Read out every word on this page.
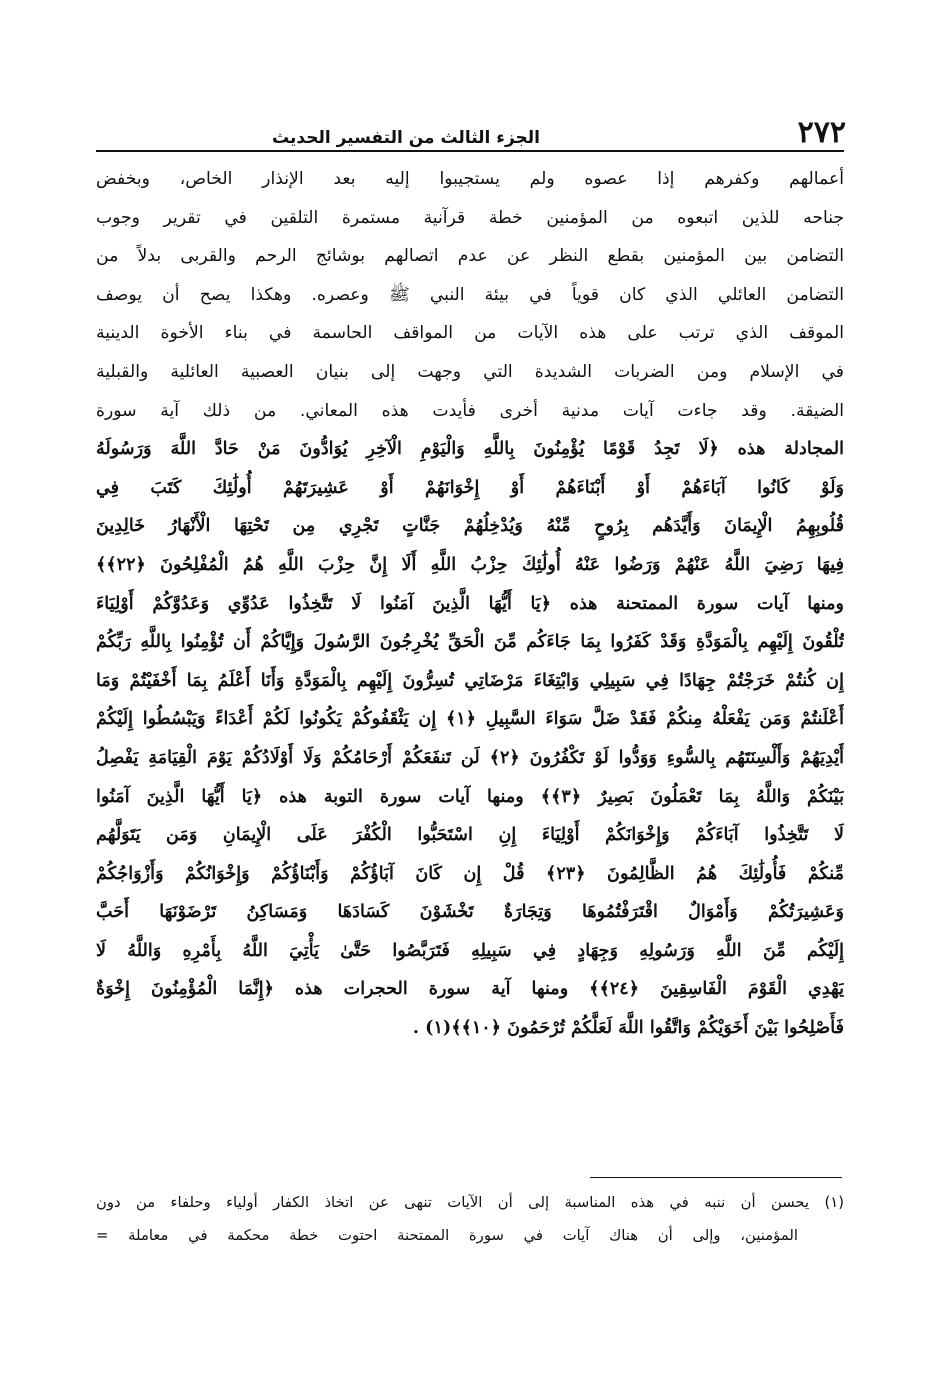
٢٧٢
الجزء الثالث من التفسير الحديث
أعمالهم وكفرهم إذا عصوه ولم يستجيبوا إليه بعد الإنذار الخاص، وبخفض
جناحه للذين اتبعوه من المؤمنين خطة قرآنية مستمرة التلقين في تقرير وجوب
التضامن بين المؤمنين بقطع النظر عن عدم اتصالهم بوشائج الرحم والقربى بدلاً من
التضامن العائلي الذي كان قوياً في بيئة النبي ﷺ وعصره. وهكذا يصح أن يوصف
الموقف الذي ترتب على هذه الآيات من المواقف الحاسمة في بناء الأخوة الدينية
في الإسلام ومن الضربات الشديدة التي وجهت إلى بنيان العصبية العائلية والقبلية
الضيقة. وقد جاءت آيات مدنية أخرى فأيدت هذه المعاني. من ذلك آية سورة
المجادلة هذه ﴿لَا تَجِدُ قَوْمًا يُؤْمِنُونَ بِاللَّهِ وَالْيَوْمِ الْآخِرِ يُوَادُّونَ مَنْ حَادَّ اللَّهَ وَرَسُولَهُ
وَلَوْ كَانُوا آبَاءَهُمْ أَوْ أَبْنَاءَهُمْ أَوْ إِخْوَانَهُمْ أَوْ عَشِيرَتَهُمْ أُولَٰئِكَ كَتَبَ فِي
قُلُوبِهِمُ الْإِيمَانَ وَأَيَّدَهُم بِرُوحٍ مِّنْهُ وَيُدْخِلُهُمْ جَنَّاتٍ تَجْرِي مِن تَحْتِهَا الْأَنْهَارُ خَالِدِينَ
فِيهَا رَضِيَ اللَّهُ عَنْهُمْ وَرَضُوا عَنْهُ أُولَٰئِكَ حِزْبُ اللَّهِ أَلَا إِنَّ حِزْبَ اللَّهِ هُمُ الْمُفْلِحُونَ ﴿٢٢﴾﴾
ومنها آيات سورة الممتحنة هذه ﴿يَا أَيُّهَا الَّذِينَ آمَنُوا لَا تَتَّخِذُوا عَدُوِّي وَعَدُوَّكُمْ أَوْلِيَاءَ
تُلْقُونَ إِلَيْهِم بِالْمَوَدَّةِ وَقَدْ كَفَرُوا بِمَا جَاءَكُم مِّنَ الْحَقِّ يُخْرِجُونَ الرَّسُولَ وَإِيَّاكُمْ أَن تُؤْمِنُوا بِاللَّهِ رَبِّكُمْ
إِن كُنتُمْ خَرَجْتُمْ جِهَادًا فِي سَبِيلِي وَابْتِغَاءَ مَرْضَاتِي تُسِرُّونَ إِلَيْهِم بِالْمَوَدَّةِ وَأَنَا أَعْلَمُ بِمَا أَخْفَيْتُمْ وَمَا
أَعْلَنتُمْ وَمَن يَفْعَلْهُ مِنكُمْ فَقَدْ ضَلَّ سَوَاءَ السَّبِيلِ ﴿١﴾ إِن يَثْقَفُوكُمْ يَكُونُوا لَكُمْ أَعْدَاءً وَيَبْسُطُوا إِلَيْكُمْ
أَيْدِيَهُمْ وَأَلْسِنَتَهُم بِالسُّوءِ وَوَدُّوا لَوْ تَكْفُرُونَ ﴿٢﴾ لَن تَنفَعَكُمْ أَرْحَامُكُمْ وَلَا أَوْلَادُكُمْ يَوْمَ الْقِيَامَةِ يَفْصِلُ
بَيْنَكُمْ وَاللَّهُ بِمَا تَعْمَلُونَ بَصِيرٌ ﴿٣﴾﴾ ومنها آيات سورة التوبة هذه ﴿يَا أَيُّهَا الَّذِينَ آمَنُوا
لَا تَتَّخِذُوا آبَاءَكُمْ وَإِخْوَانَكُمْ أَوْلِيَاءَ إِنِ اسْتَحَبُّوا الْكُفْرَ عَلَى الْإِيمَانِ وَمَن يَتَوَلَّهُم
مِّنكُمْ فَأُولَٰئِكَ هُمُ الظَّالِمُونَ ﴿٢٣﴾ قُلْ إِن كَانَ آبَاؤُكُمْ وَأَبْنَاؤُكُمْ وَإِخْوَانُكُمْ وَأَزْوَاجُكُمْ
وَعَشِيرَتُكُمْ وَأَمْوَالٌ اقْتَرَفْتُمُوهَا وَتِجَارَةٌ تَخْشَوْنَ كَسَادَهَا وَمَسَاكِنُ تَرْضَوْنَهَا أَحَبَّ
إِلَيْكُم مِّنَ اللَّهِ وَرَسُولِهِ وَجِهَادٍ فِي سَبِيلِهِ فَتَرَبَّصُوا حَتَّىٰ يَأْتِيَ اللَّهُ بِأَمْرِهِ وَاللَّهُ لَا
يَهْدِي الْقَوْمَ الْفَاسِقِينَ ﴿٢٤﴾﴾ ومنها آية سورة الحجرات هذه ﴿إِنَّمَا الْمُؤْمِنُونَ إِخْوَةٌ
فَأَصْلِحُوا بَيْنَ أَخَوَيْكُمْ وَاتَّقُوا اللَّهَ لَعَلَّكُمْ تُرْحَمُونَ ﴿١٠﴾﴾(١) .
(١) يحسن أن ننبه في هذه المناسبة إلى أن الآيات تنهى عن اتخاذ الكفار أولياء وحلفاء من دون
المؤمنين، وإلى أن هناك آيات في سورة الممتحنة احتوت خطة محكمة في معاملة =
